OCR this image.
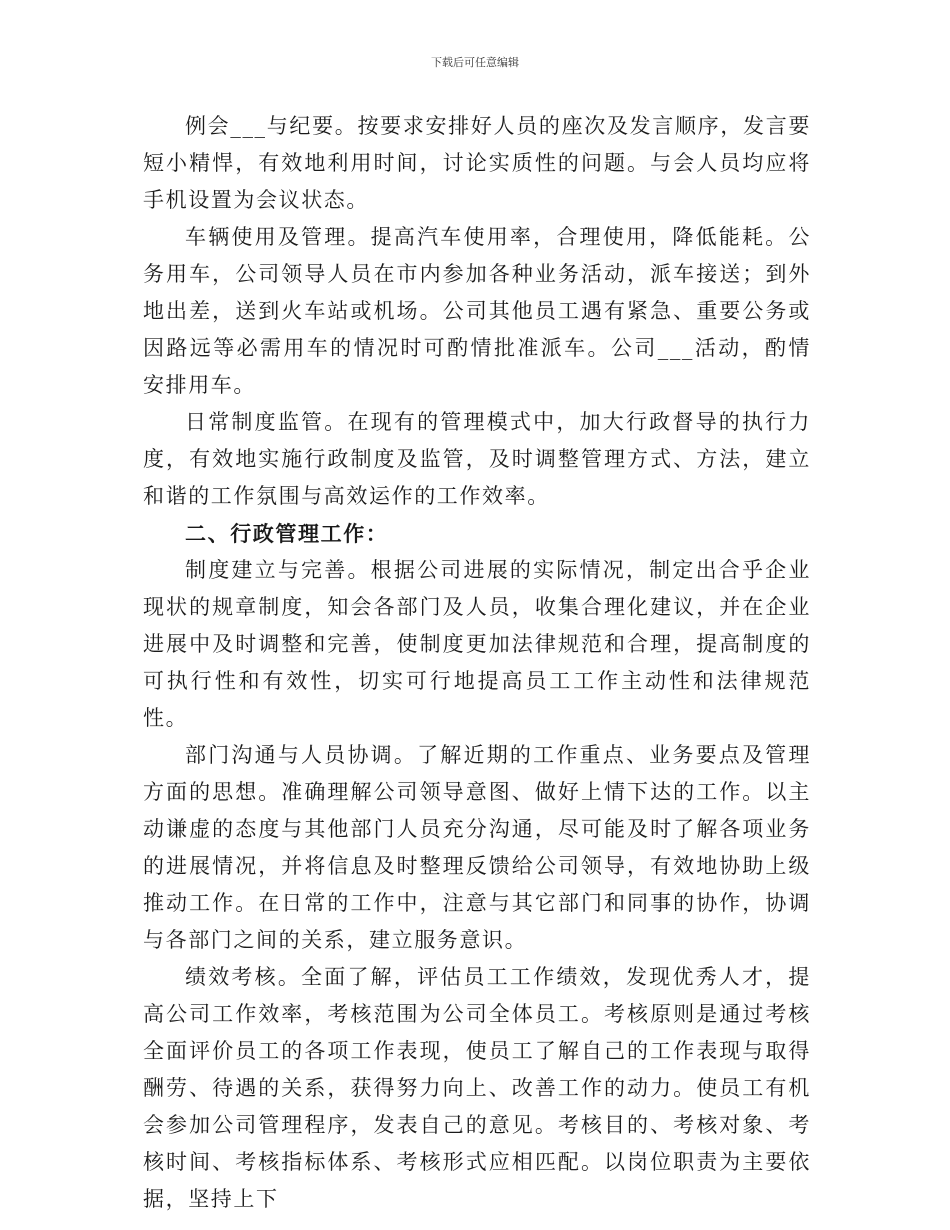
下载后可任意编辑

例会___与纪要。按要求安排好人员的座次及发言顺序，发言要短小精悍，有效地利用时间，讨论实质性的问题。与会人员均应将手机设置为会议状态。

车辆使用及管理。提高汽车使用率，合理使用，降低能耗。公务用车，公司领导人员在市内参加各种业务活动，派车接送；到外地出差，送到火车站或机场。公司其他员工遇有紧急、重要公务或因路远等必需用车的情况时可酌情批准派车。公司___活动，酌情安排用车。

日常制度监管。在现有的管理模式中，加大行政督导的执行力度，有效地实施行政制度及监管，及时调整管理方式、方法，建立和谐的工作氛围与高效运作的工作效率。

二、行政管理工作：

制度建立与完善。根据公司进展的实际情况，制定出合乎企业现状的规章制度，知会各部门及人员，收集合理化建议，并在企业进展中及时调整和完善，使制度更加法律规范和合理，提高制度的可执行性和有效性，切实可行地提高员工工作主动性和法律规范性。

部门沟通与人员协调。了解近期的工作重点、业务要点及管理方面的思想。准确理解公司领导意图、做好上情下达的工作。以主动谦虚的态度与其他部门人员充分沟通，尽可能及时了解各项业务的进展情况，并将信息及时整理反馈给公司领导，有效地协助上级推动工作。在日常的工作中，注意与其它部门和同事的协作，协调与各部门之间的关系，建立服务意识。

绩效考核。全面了解，评估员工工作绩效，发现优秀人才，提高公司工作效率，考核范围为公司全体员工。考核原则是通过考核全面评价员工的各项工作表现，使员工了解自己的工作表现与取得酬劳、待遇的关系，获得努力向上、改善工作的动力。使员工有机会参加公司管理程序，发表自己的意见。考核目的、考核对象、考核时间、考核指标体系、考核形式应相匹配。以岗位职责为主要依据，坚持上下
